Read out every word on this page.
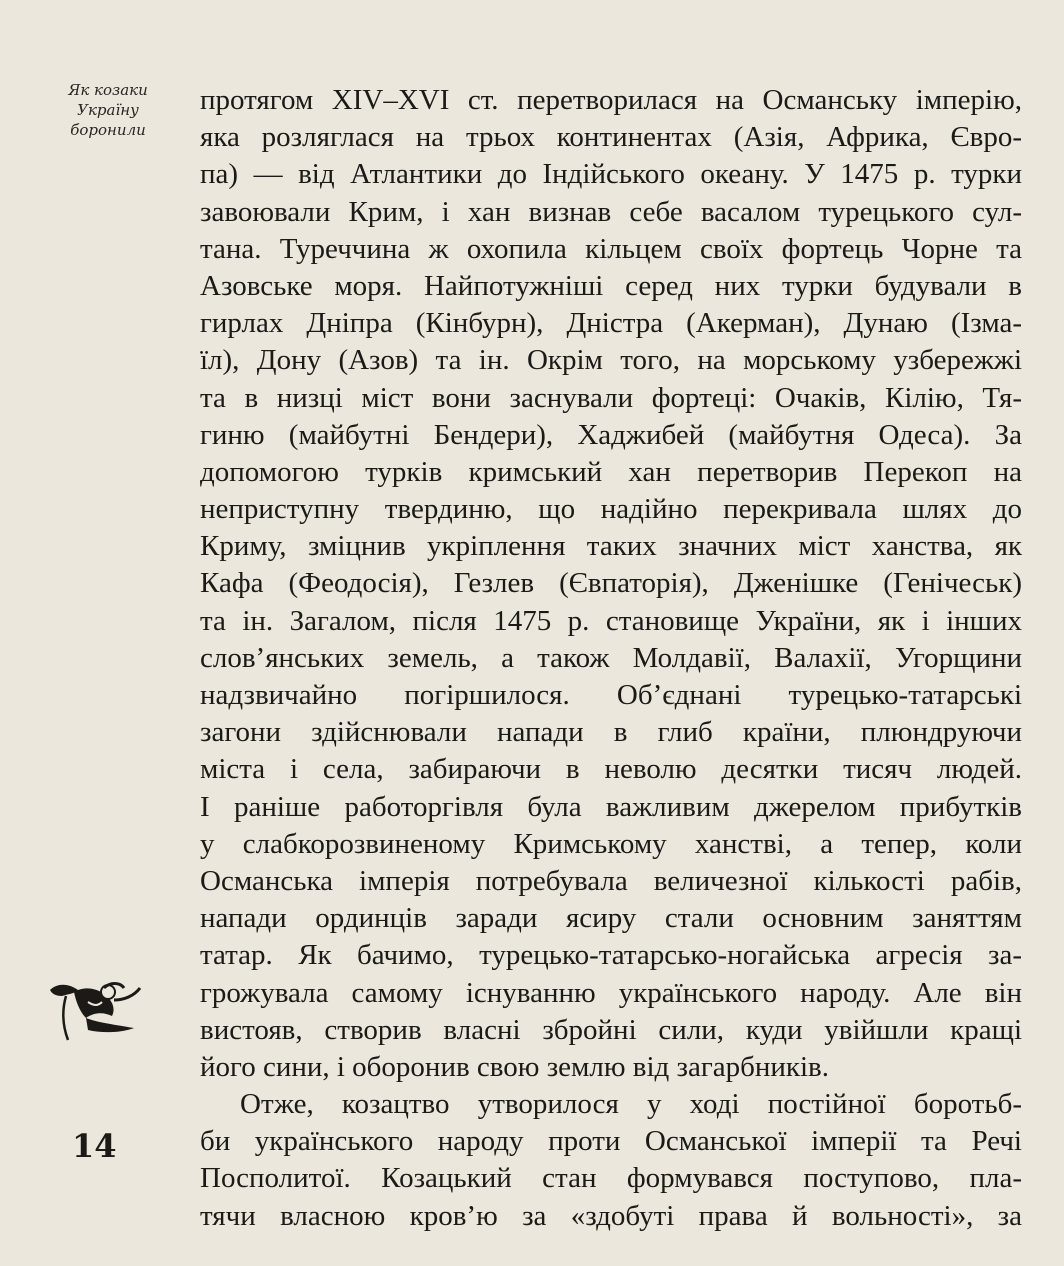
Як козаки
Україну
боронили
протягом XIV–XVI ст. перетворилася на Османську імперію,
яка розляглася на трьох континентах (Азія, Африка, Євро-
па) — від Атлантики до Індійського океану. У 1475 р. турки
завоювали Крим, і хан визнав себе васалом турецького сул-
тана. Туреччина ж охопила кільцем своїх фортець Чорне та
Азовське моря. Найпотужніші серед них турки будували в
гирлах Дніпра (Кінбурн), Дністра (Акерман), Дунаю (Ізма-
їл), Дону (Азов) та ін. Окрім того, на морському узбережжі
та в низці міст вони заснували фортеці: Очаків, Кілію, Тя-
гиню (майбутні Бендери), Хаджибей (майбутня Одеса). За
допомогою турків кримський хан перетворив Перекоп на
неприступну твердиню, що надійно перекривала шлях до
Криму, зміцнив укріплення таких значних міст ханства, як
Кафа (Феодосія), Гезлев (Євпаторія), Дженішке (Генічеськ)
та ін. Загалом, після 1475 р. становище України, як і інших
слов’янських земель, а також Молдавії, Валахії, Угорщини
надзвичайно погіршилося. Об’єднані турецько-татарські
загони здійснювали напади в глиб країни, плюндруючи
міста і села, забираючи в неволю десятки тисяч людей.
І раніше работоргівля була важливим джерелом прибутків
у слабкорозвиненому Кримському ханстві, а тепер, коли
Османська імперія потребувала величезної кількості рабів,
напади ординців заради ясиру стали основним заняттям
татар. Як бачимо, турецько-татарсько-ногайська агресія за-
грожувала самому існуванню українського народу. Але він
вистояв, створив власні збройні сили, куди увійшли кращі
його сини, і оборонив свою землю від загарбників.
Отже, козацтво утворилося у ході постійної боротьб-
би українського народу проти Османської імперії та Речі
Посполитої. Козацький стан формувався поступово, пла-
тячи власною кров’ю за «здобуті права й вольності», за
14
